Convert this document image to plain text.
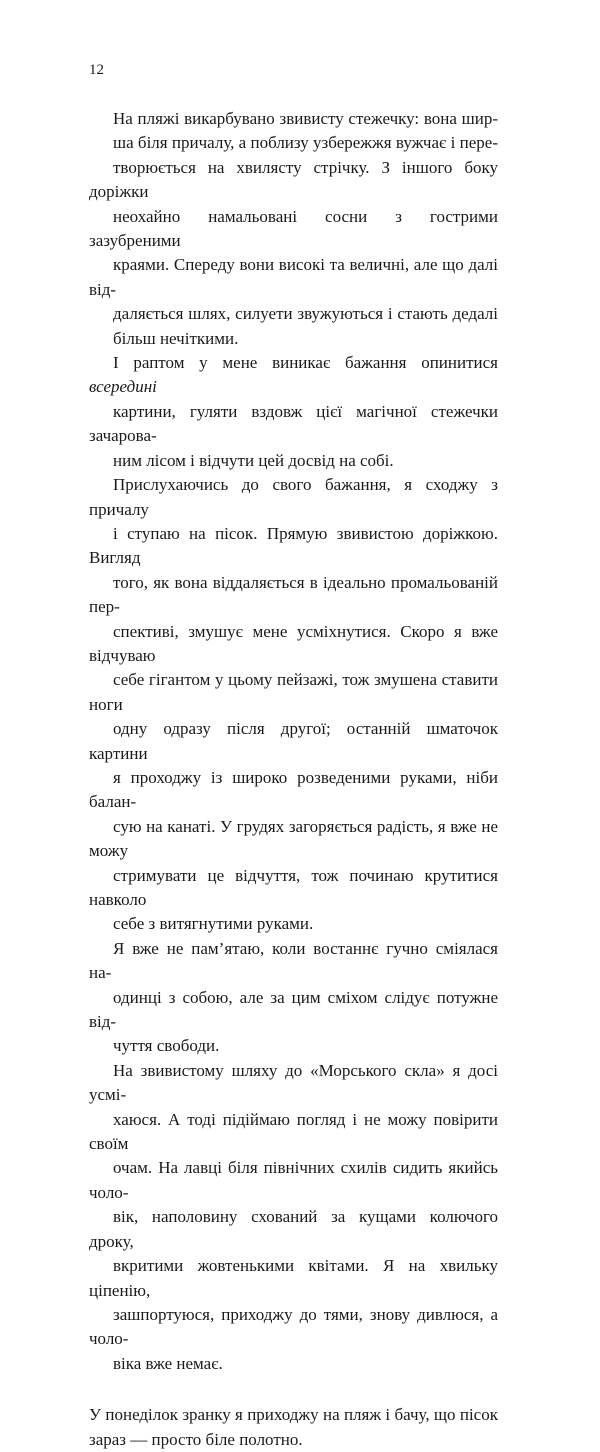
12

На пляжі викарбувано звивисту стежечку: вона шир-
ша біля причалу, а поблизу узбережжя вужчає і пере-
творюється на хвилясту стрічку. З іншого боку доріжки
неохайно намальовані сосни з гострими зазубреними
краями. Спереду вони високі та величні, але що далі від-
даляється шлях, силуети звужуються і стають дедалі
більш нечіткими.

І раптом у мене виникає бажання опинитися всередині
картини, гуляти вздовж цієї магічної стежечки зачарова-
ним лісом і відчути цей досвід на собі.

Прислухаючись до свого бажання, я сходжу з причалу
і ступаю на пісок. Прямую звивистою доріжкою. Вигляд
того, як вона віддаляється в ідеально промальованій пер-
спективі, змушує мене усміхнутися. Скоро я вже відчуваю
себе гігантом у цьому пейзажі, тож змушена ставити ноги
одну одразу після другої; останній шматочок картини
я проходжу із широко розведеними руками, ніби балан-
сую на канаті. У грудях загоряється радість, я вже не можу
стримувати це відчуття, тож починаю крутитися навколо
себе з витягнутими руками.

Я вже не пам’ятаю, коли востаннє гучно сміялася на-
одинці з собою, але за цим сміхом слідує потужне від-
чуття свободи.

На звивистому шляху до «Морського скла» я досі усмі-
хаюся. А тоді підіймаю погляд і не можу повірити своїм
очам. На лавці біля північних схилів сидить якийсь чоло-
вік, наполовину схований за кущами колючого дроку,
вкритими жовтенькими квітами. Я на хвильку ціпенію,
зашпортуюся, приходжу до тями, знову дивлюся, а чоло-
віка вже немає.

У понеділок зранку я приходжу на пляж і бачу, що пісок
зараз — просто біле полотно.
